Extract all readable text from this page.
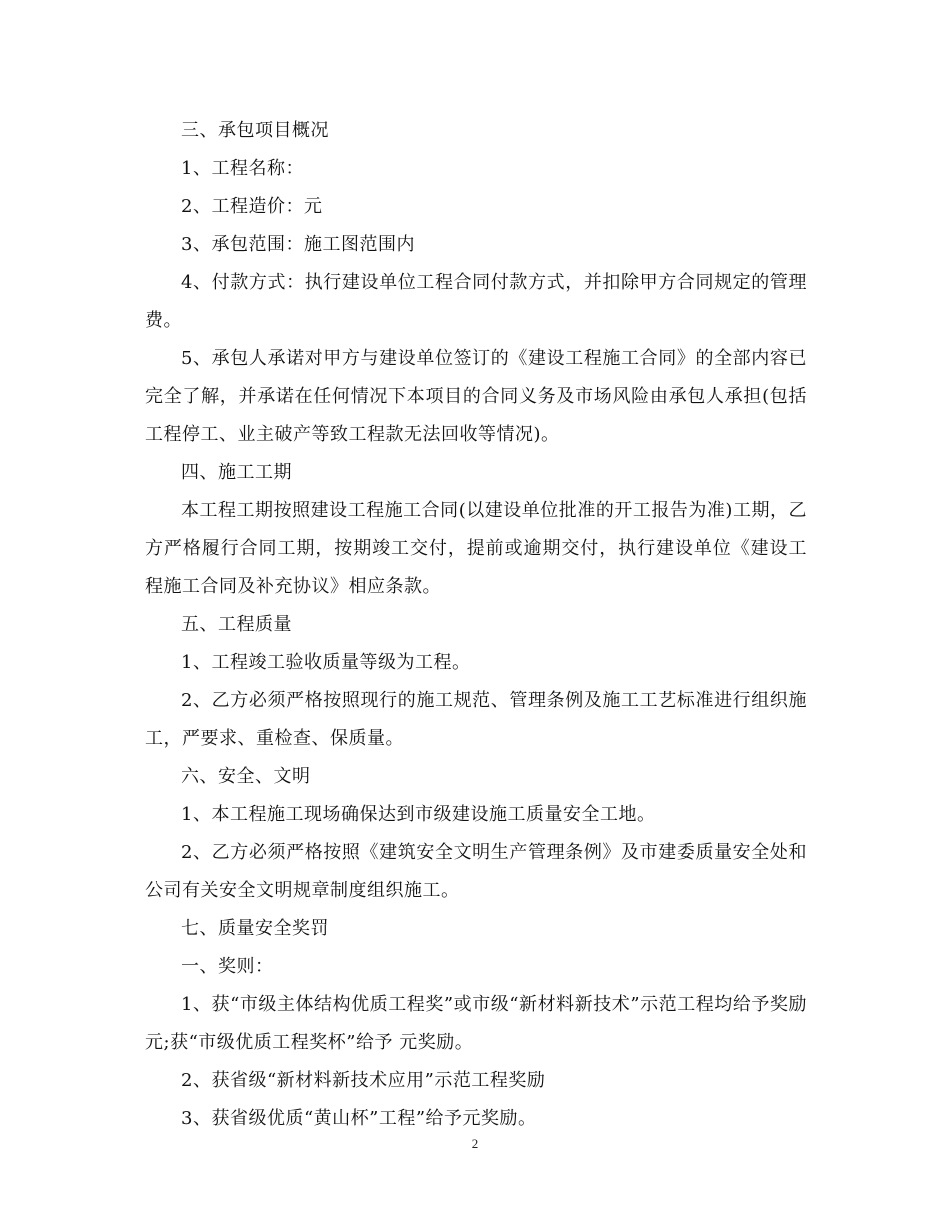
三、承包项目概况

1、工程名称：

2、工程造价：元

3、承包范围：施工图范围内

4、付款方式：执行建设单位工程合同付款方式，并扣除甲方合同规定的管理费。

5、承包人承诺对甲方与建设单位签订的《建设工程施工合同》的全部内容已完全了解，并承诺在任何情况下本项目的合同义务及市场风险由承包人承担(包括工程停工、业主破产等致工程款无法回收等情况)。

四、施工工期

本工程工期按照建设工程施工合同(以建设单位批准的开工报告为准)工期，乙方严格履行合同工期，按期竣工交付，提前或逾期交付，执行建设单位《建设工程施工合同及补充协议》相应条款。

五、工程质量

1、工程竣工验收质量等级为工程。

2、乙方必须严格按照现行的施工规范、管理条例及施工工艺标准进行组织施工，严要求、重检查、保质量。

六、安全、文明

1、本工程施工现场确保达到市级建设施工质量安全工地。

2、乙方必须严格按照《建筑安全文明生产管理条例》及市建委质量安全处和公司有关安全文明规章制度组织施工。

七、质量安全奖罚

一、奖则：

1、获“市级主体结构优质工程奖”或市级“新材料新技术”示范工程均给予奖励元;获“市级优质工程奖杯”给予 元奖励。

2、获省级“新材料新技术应用”示范工程奖励

3、获省级优质“黄山杯”工程”给予元奖励。

2
